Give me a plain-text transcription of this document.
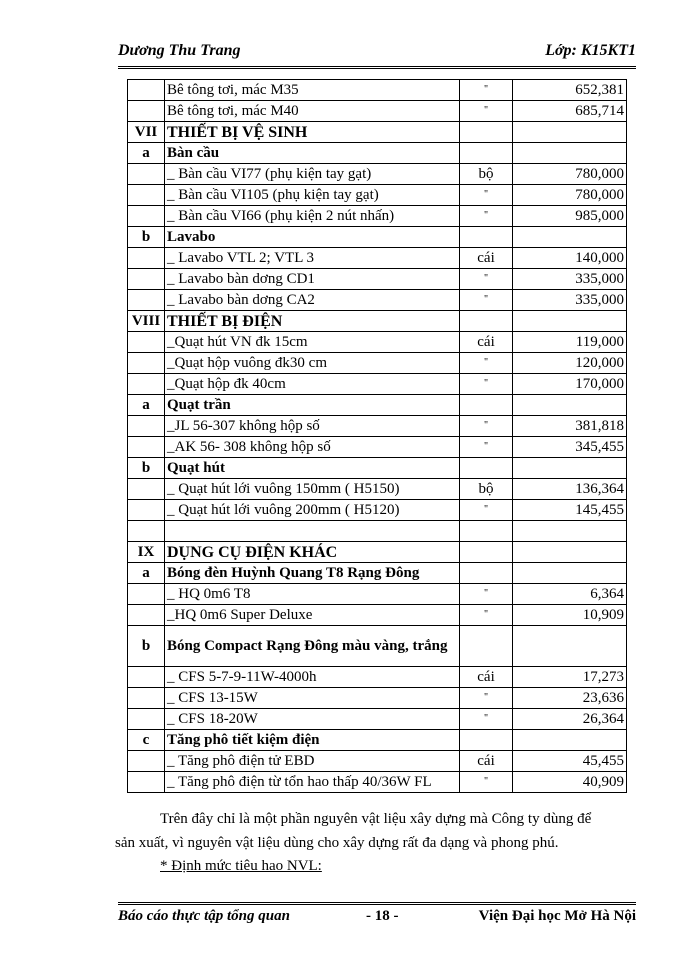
Dương Thu Trang	Lớp: K15KT1
	Bê tông tơi, mác M35	"	652,381
	Bê tông tơi, mác M40	"	685,714
VII	THIẾT BỊ VỆ SINH		
a	Bàn cầu		
	_ Bàn cầu VI77 (phụ kiện tay gạt)	bộ	780,000
	_ Bàn cầu VI105 (phụ kiện tay gạt)	"	780,000
	_ Bàn cầu VI66 (phụ kiện 2 nút nhấn)	"	985,000
b	Lavabo		
	_ Lavabo VTL 2; VTL 3	cái	140,000
	_ Lavabo bàn dơng CD1	"	335,000
	_ Lavabo bàn dơng CA2	"	335,000
VIII	THIẾT BỊ ĐIỆN		
	_Quạt hút VN đk 15cm	cái	119,000
	_Quạt hộp vuông đk30 cm	"	120,000
	_Quạt hộp đk 40cm	"	170,000
a	Quạt trần		
	_JL 56-307 không hộp số	"	381,818
	_AK 56- 308 không hộp số	"	345,455
b	Quạt hút		
	_ Quạt hút lới vuông 150mm ( H5150)	bộ	136,364
	_ Quạt hút lới vuông 200mm ( H5120)	"	145,455

IX	DỤNG CỤ ĐIỆN KHÁC		
a	Bóng đèn Huỳnh Quang T8 Rạng Đông		
	_ HQ 0m6 T8	"	6,364
	_HQ 0m6 Super Deluxe	"	10,909
b	Bóng Compact Rạng Đông màu vàng, trắng		
	_ CFS 5-7-9-11W-4000h	cái	17,273
	_ CFS 13-15W	"	23,636
	_ CFS 18-20W	"	26,364
c	Tăng phô tiết kiệm điện		
	_ Tăng phô điện tử EBD	cái	45,455
	_ Tăng phô điện từ tổn hao thấp 40/36W FL	"	40,909
Trên đây chỉ là một phần nguyên vật liệu xây dựng mà Công ty dùng để
sản xuất, vì nguyên vật liệu dùng cho xây dựng rất đa dạng và phong phú.
* Định mức tiêu hao NVL:
Báo cáo thực tập tổng quan	- 18 -	Viện Đại học Mở Hà Nội
